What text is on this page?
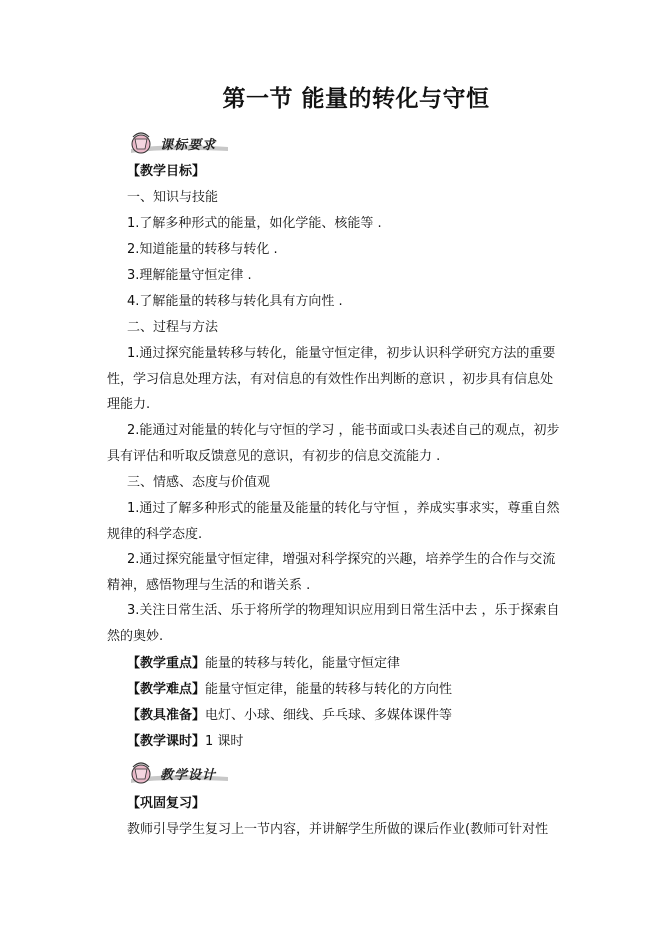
第一节 能量的转化与守恒
课标要求
【教学目标】
一、知识与技能
1.了解多种形式的能量，如化学能、核能等 .
2.知道能量的转移与转化 .
3.理解能量守恒定律 .
4.了解能量的转移与转化具有方向性 .
二、过程与方法
1.通过探究能量转移与转化，能量守恒定律，初步认识科学研究方法的重要性，学习信息处理方法，有对信息的有效性作出判断的意识 ，初步具有信息处理能力.
2.能通过对能量的转化与守恒的学习 ，能书面或口头表述自己的观点，初步具有评估和听取反馈意见的意识，有初步的信息交流能力 .
三、情感、态度与价值观
1.通过了解多种形式的能量及能量的转化与守恒 ，养成实事求实，尊重自然规律的科学态度.
2.通过探究能量守恒定律，增强对科学探究的兴趣，培养学生的合作与交流精神，感悟物理与生活的和谐关系 .
3.关注日常生活、乐于将所学的物理知识应用到日常生活中去 ，乐于探索自然的奥妙.
【教学重点】能量的转移与转化，能量守恒定律
【教学难点】能量守恒定律，能量的转移与转化的方向性
【教具准备】电灯、小球、细线、乒乓球、多媒体课件等
【教学课时】1 课时
教学设计
【巩固复习】
教师引导学生复习上一节内容，并讲解学生所做的课后作业(教师可针对性
